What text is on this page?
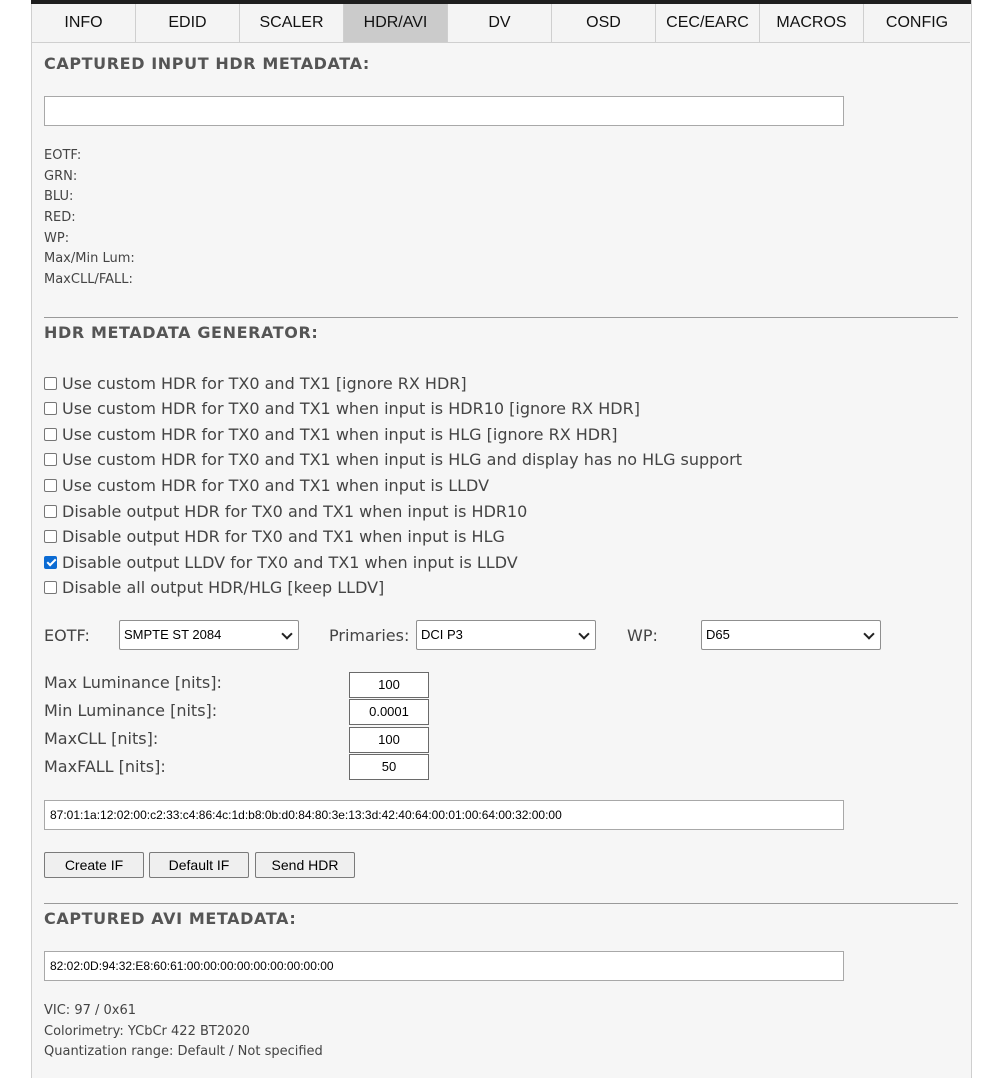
INFO	EDID	SCALER	HDR/AVI	DV	OSD	CEC/EARC	MACROS	CONFIG
CAPTURED INPUT HDR METADATA:
EOTF:
GRN:
BLU:
RED:
WP:
Max/Min Lum:
MaxCLL/FALL:
HDR METADATA GENERATOR:
Use custom HDR for TX0 and TX1 [ignore RX HDR]
Use custom HDR for TX0 and TX1 when input is HDR10 [ignore RX HDR]
Use custom HDR for TX0 and TX1 when input is HLG [ignore RX HDR]
Use custom HDR for TX0 and TX1 when input is HLG and display has no HLG support
Use custom HDR for TX0 and TX1 when input is LLDV
Disable output HDR for TX0 and TX1 when input is HDR10
Disable output HDR for TX0 and TX1 when input is HLG
Disable output LLDV for TX0 and TX1 when input is LLDV
Disable all output HDR/HLG [keep LLDV]
EOTF:	SMPTE ST 2084	Primaries: DCI P3	WP:	D65
Max Luminance [nits]:	100
Min Luminance [nits]:	0.0001
MaxCLL [nits]:	100
MaxFALL [nits]:	50
87:01:1a:12:02:00:c2:33:c4:86:4c:1d:b8:0b:d0:84:80:3e:13:3d:42:40:64:00:01:00:64:00:32:00:00
Create IF	Default IF	Send HDR
CAPTURED AVI METADATA:
82:02:0D:94:32:E8:60:61:00:00:00:00:00:00:00:00:00
VIC: 97 / 0x61
Colorimetry: YCbCr 422 BT2020
Quantization range: Default / Not specified
